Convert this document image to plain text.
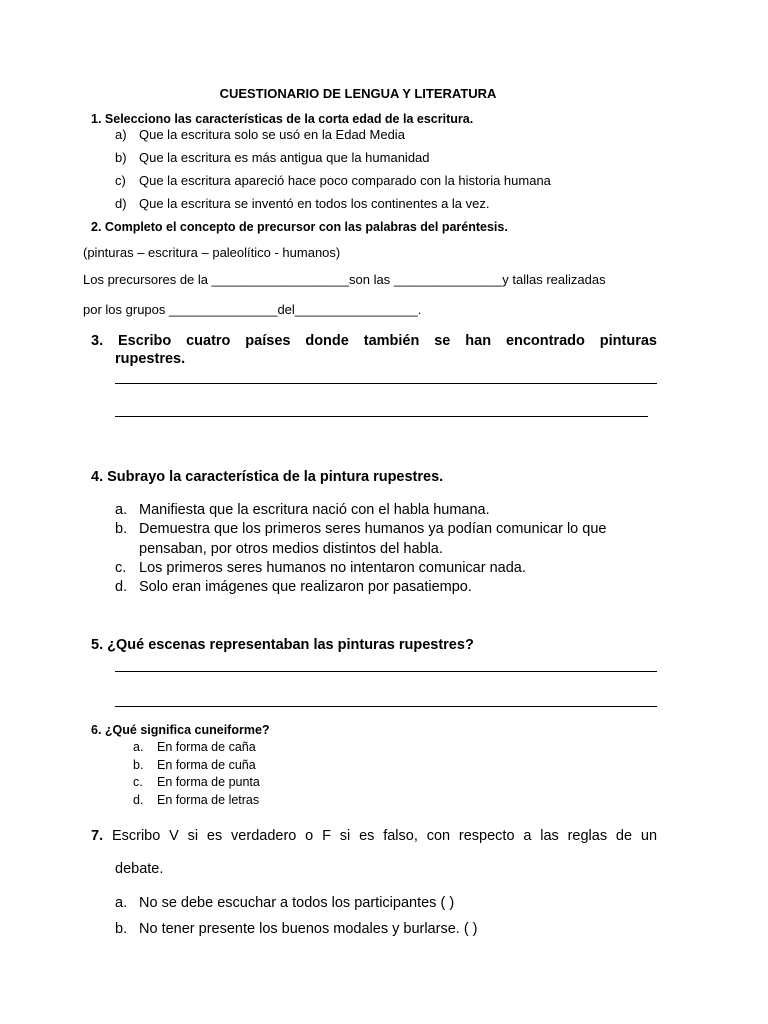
CUESTIONARIO DE LENGUA Y LITERATURA
1. Selecciono las características de la corta edad de la escritura.
a) Que la escritura solo se usó en la Edad Media
b) Que la escritura es más antigua que la humanidad
c) Que la escritura apareció hace poco comparado con la historia humana
d) Que la escritura se inventó en todos los continentes a la vez.
2. Completo el concepto de precursor con las palabras del paréntesis.
(pinturas – escritura – paleolítico - humanos)
Los precursores de la ___________________son las _______________y tallas realizadas
por los grupos _______________del_________________.
3. Escribo cuatro países donde también se han encontrado pinturas
rupestres.
4. Subrayo la característica de la pintura rupestres.
a. Manifiesta que la escritura nació con el habla humana.
b. Demuestra que los primeros seres humanos ya podían comunicar lo que
pensaban, por otros medios distintos del habla.
c. Los primeros seres humanos no intentaron comunicar nada.
d. Solo eran imágenes que realizaron por pasatiempo.
5. ¿Qué escenas representaban las pinturas rupestres?
6. ¿Qué significa cuneiforme?
a. En forma de caña
b. En forma de cuña
c. En forma de punta
d. En forma de letras
7. Escribo V si es verdadero o F si es falso, con respecto a las reglas de un
debate.
a. No se debe escuchar a todos los participantes ( )
b. No tener presente los buenos modales y burlarse. ( )
